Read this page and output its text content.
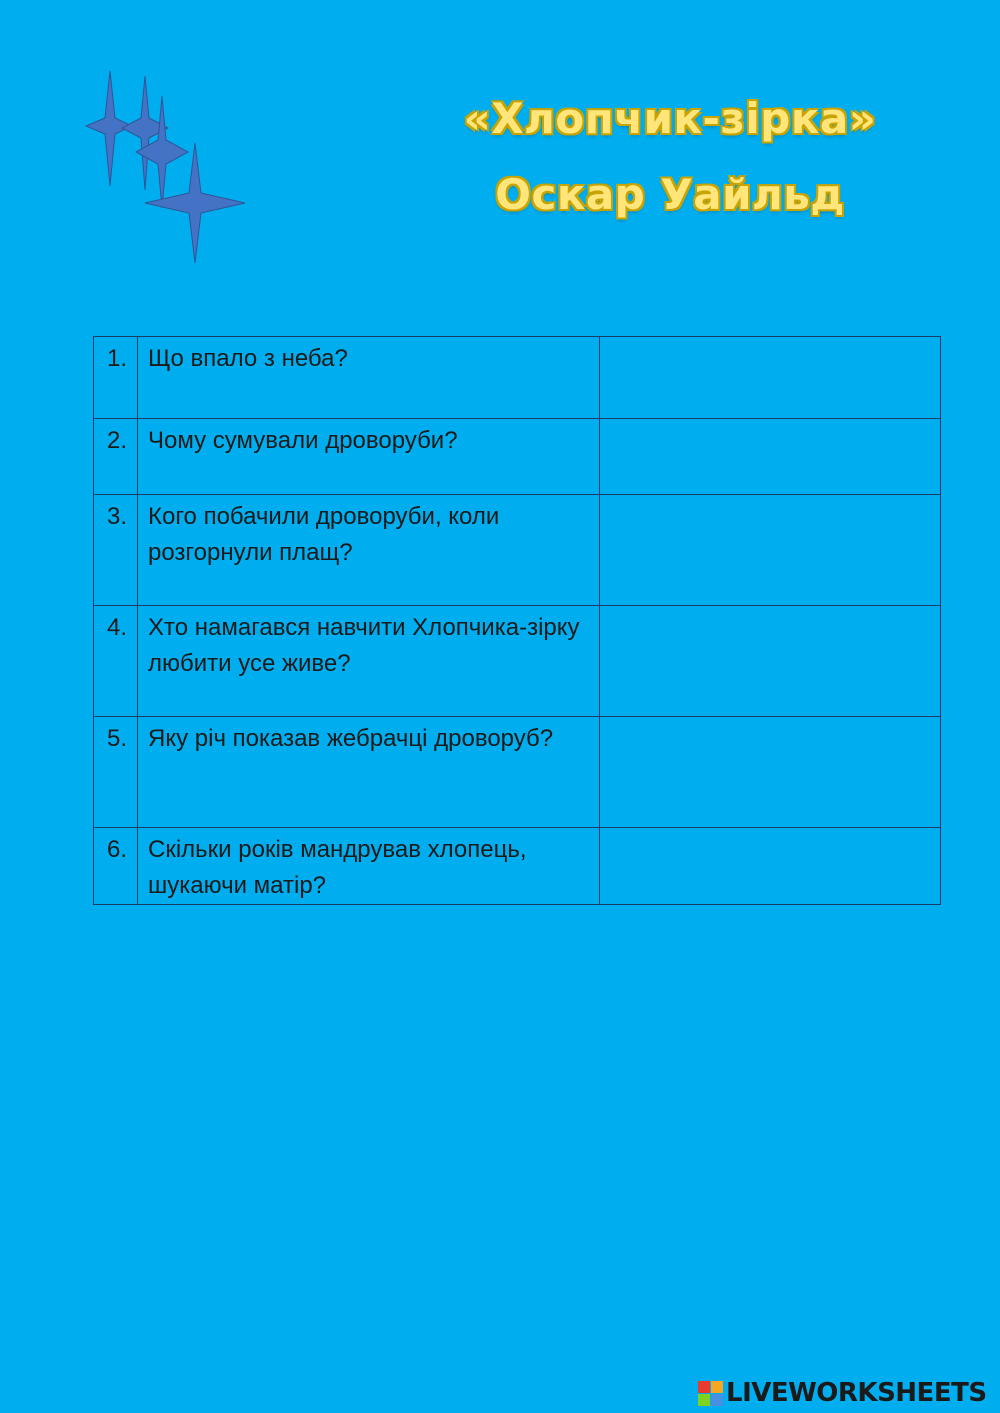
«Хлопчик-зірка»
Оскар Уайльд
1.	Що впало з неба?	
2.	Чому сумували дроворуби?	
3.	Кого побачили дроворуби, коли розгорнули плащ?	
4.	Хто намагався навчити Хлопчика-зірку любити усе живе?	
5.	Яку річ показав жебрачці дроворуб?	
6.	Скільки років мандрував хлопець, шукаючи матір?	
LIVEWORKSHEETS
